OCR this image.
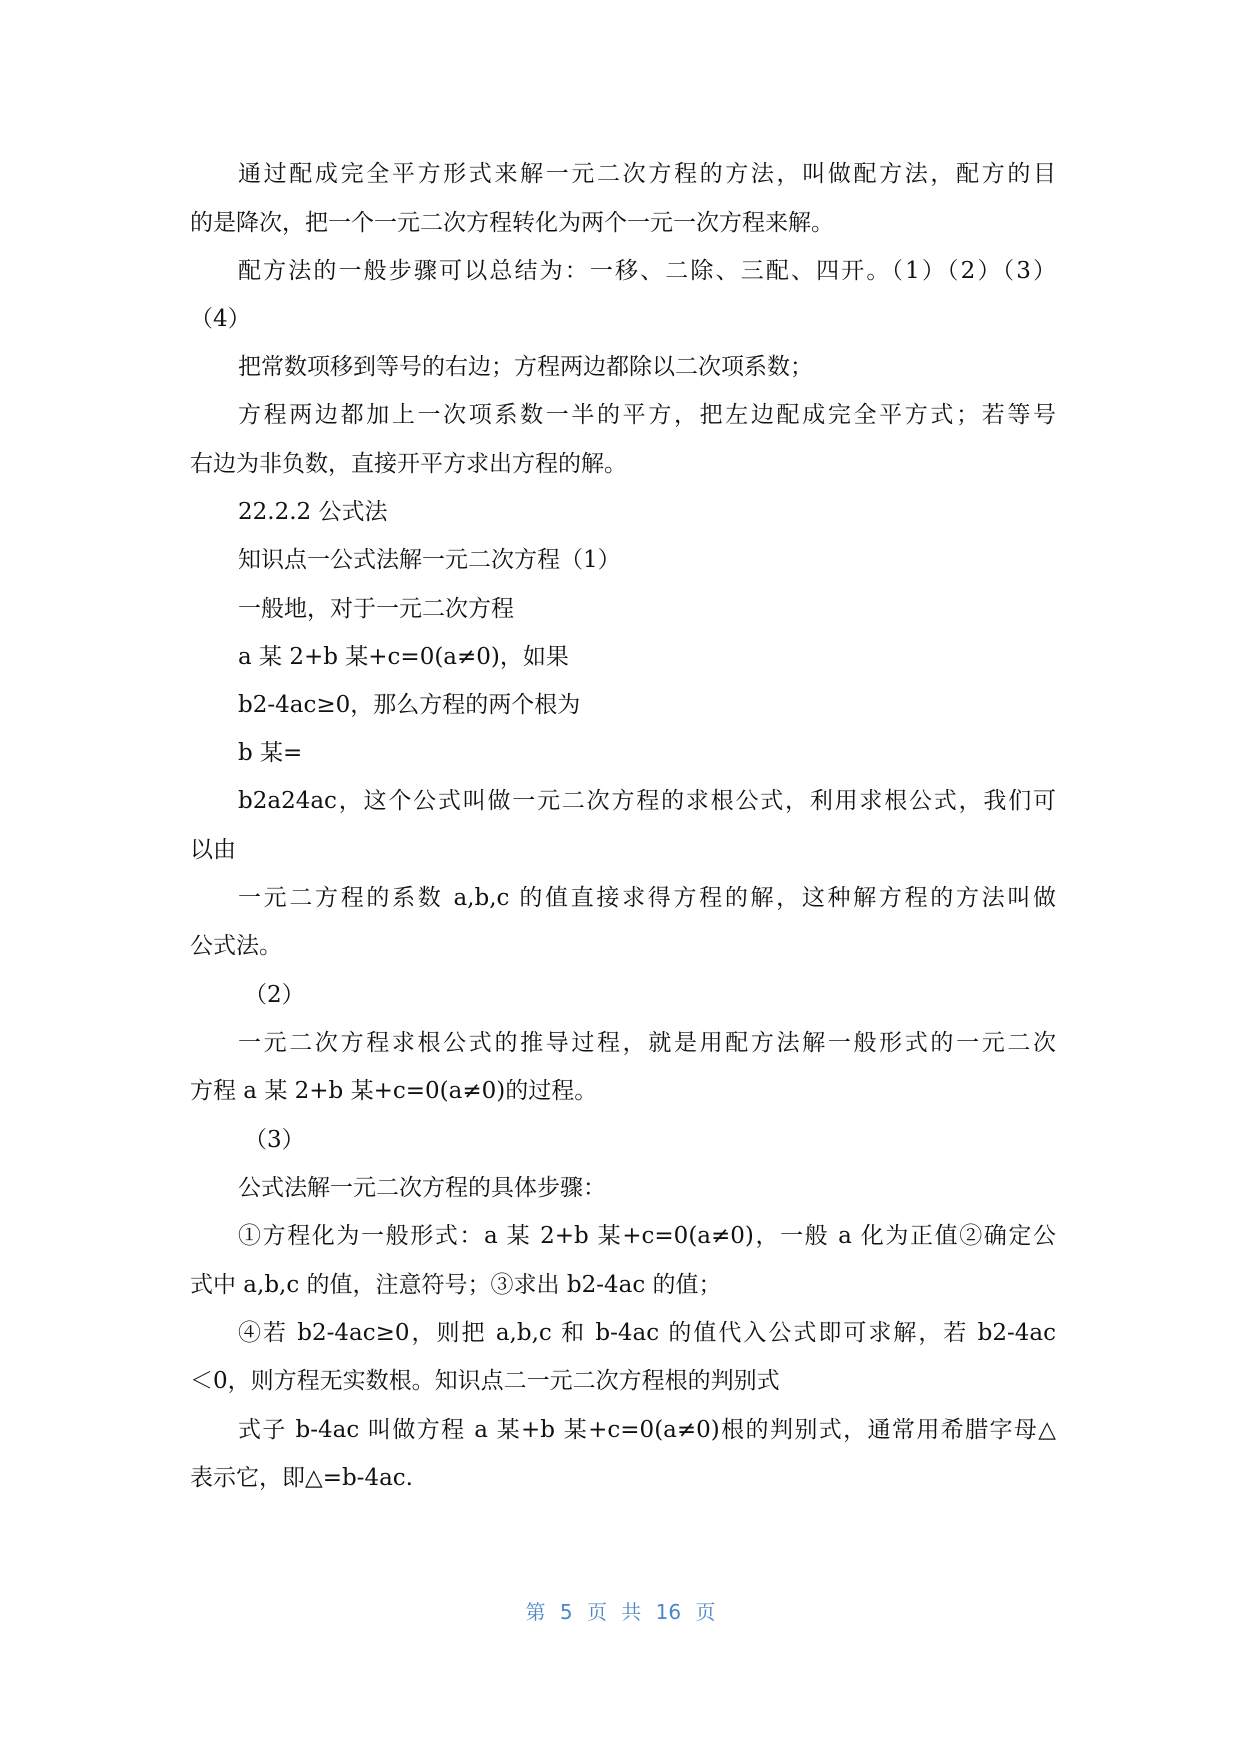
通过配成完全平方形式来解一元二次方程的方法，叫做配方法，配方的目
的是降次，把一个一元二次方程转化为两个一元一次方程来解。
配方法的一般步骤可以总结为：一移、二除、三配、四开。（1）（2）（3）
（4）
把常数项移到等号的右边；方程两边都除以二次项系数；
方程两边都加上一次项系数一半的平方，把左边配成完全平方式；若等号
右边为非负数，直接开平方求出方程的解。
22.2.2 公式法
知识点一公式法解一元二次方程（1）
一般地，对于一元二次方程
a 某 2+b 某+c=0(a≠0)，如果
b2-4ac≥0，那么方程的两个根为
b 某=
b2a24ac，这个公式叫做一元二次方程的求根公式，利用求根公式，我们可
以由
一元二方程的系数 a,b,c 的值直接求得方程的解，这种解方程的方法叫做
公式法。
（2）
一元二次方程求根公式的推导过程，就是用配方法解一般形式的一元二次
方程 a 某 2+b 某+c=0(a≠0)的过程。
（3）
公式法解一元二次方程的具体步骤：
①方程化为一般形式：a 某 2+b 某+c=0(a≠0)，一般 a 化为正值②确定公
式中 a,b,c 的值，注意符号；③求出 b2-4ac 的值；
④若 b2-4ac≥0，则把 a,b,c 和 b-4ac 的值代入公式即可求解，若 b2-4ac
＜0，则方程无实数根。知识点二一元二次方程根的判别式
式子 b-4ac 叫做方程 a 某+b 某+c=0(a≠0)根的判别式，通常用希腊字母△
表示它，即△=b-4ac.
第 5 页 共 16 页
